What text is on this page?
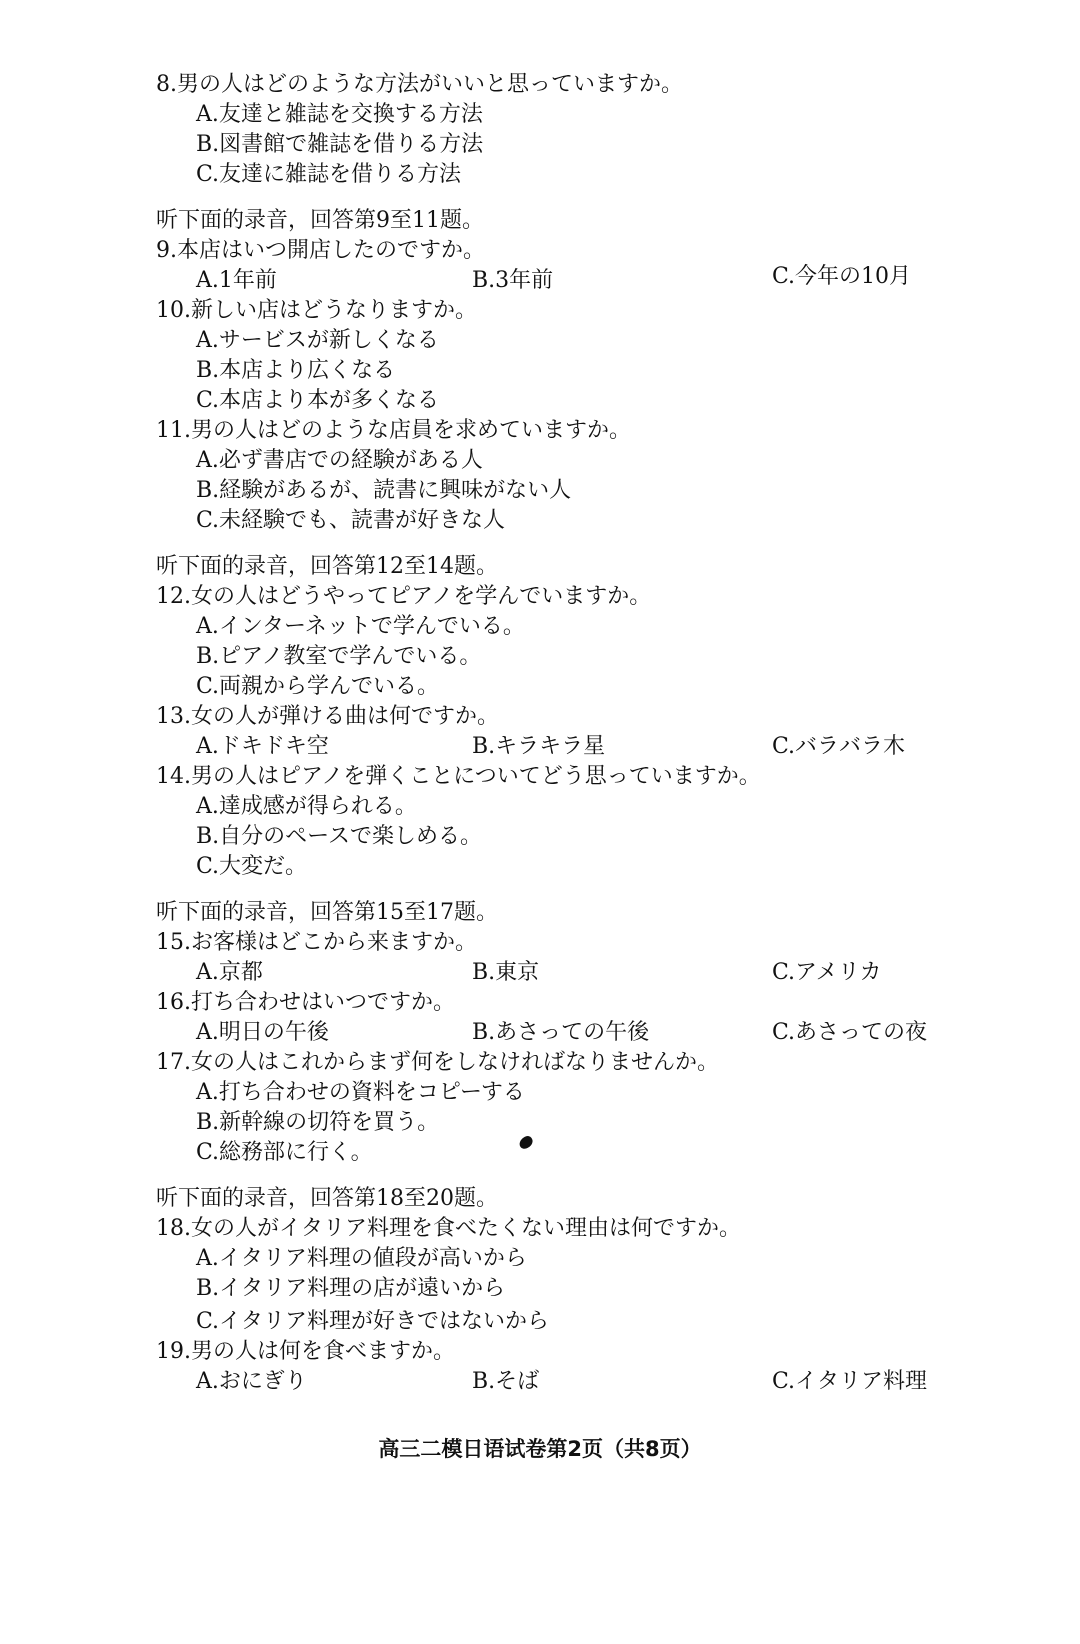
8.男の人はどのような方法がいいと思っていますか。
A.友達と雑誌を交換する方法
B.図書館で雑誌を借りる方法
C.友達に雑誌を借りる方法
听下面的录音，回答第9至11题。
9.本店はいつ開店したのですか。
A.1年前	B.3年前	C.今年の10月
10.新しい店はどうなりますか。
A.サービスが新しくなる
B.本店より広くなる
C.本店より本が多くなる
11.男の人はどのような店員を求めていますか。
A.必ず書店での経験がある人
B.経験があるが、読書に興味がない人
C.未経験でも、読書が好きな人
听下面的录音，回答第12至14题。
12.女の人はどうやってピアノを学んでいますか。
A.インターネットで学んでいる。
B.ピアノ教室で学んでいる。
C.両親から学んでいる。
13.女の人が弾ける曲は何ですか。
A.ドキドキ空	B.キラキラ星	C.バラバラ木
14.男の人はピアノを弾くことについてどう思っていますか。
A.達成感が得られる。
B.自分のペースで楽しめる。
C.大変だ。
听下面的录音，回答第15至17题。
15.お客様はどこから来ますか。
A.京都	B.東京	C.アメリカ
16.打ち合わせはいつですか。
A.明日の午後	B.あさっての午後	C.あさっての夜
17.女の人はこれからまず何をしなければなりませんか。
A.打ち合わせの資料をコピーする
B.新幹線の切符を買う。
C.総務部に行く。
听下面的录音，回答第18至20题。
18.女の人がイタリア料理を食べたくない理由は何ですか。
A.イタリア料理の値段が高いから
B.イタリア料理の店が遠いから
C.イタリア料理が好きではないから
19.男の人は何を食べますか。
A.おにぎり	B.そば	C.イタリア料理
高三二模日语试卷第2页（共8页）
